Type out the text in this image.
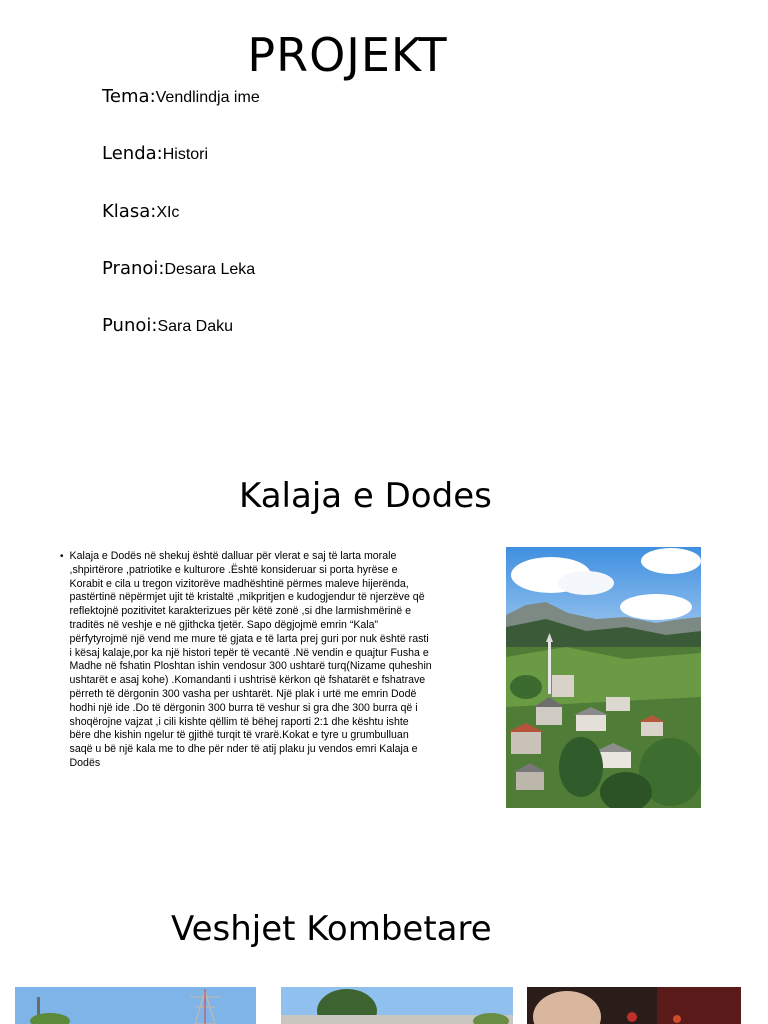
PROJEKT
Tema:Vendlindja ime
Lenda:Histori
Klasa:XIc
Pranoi:Desara Leka
Punoi:Sara Daku
Kalaja e Dodes
• Kalaja e Dodës në shekuj është dalluar për vlerat e saj të larta morale ,shpirtërore ,patriotike e kulturore .Është konsideruar si porta hyrëse e Korabit e cila u tregon vizitorëve madhështinë përmes maleve hijerënda, pastërtinë nëpërmjet ujit të kristaltë ,mikpritjen e kudogjendur të njerzëve që reflektojnë pozitivitet karakterizues për këtë zonë ,si dhe larmishmërinë e traditës në veshje e në gjithcka tjetër. Sapo dëgjojmë emrin “Kala” përfytyrojmë një vend me mure të gjata e të larta prej guri por nuk është rasti i kësaj kalaje,por ka një histori tepër të vecantë .Në vendin e quajtur Fusha e Madhe në fshatin Ploshtan ishin vendosur 300 ushtarë turq(Nizame quheshin ushtarët e asaj kohe) .Komandanti i ushtrisë kërkon që fshatarët e fshatrave përreth të dërgonin 300 vasha per ushtarët. Një plak i urtë me emrin Dodë hodhi një ide .Do të dërgonin 300 burra të veshur si gra dhe 300 burra që i shoqërojne vajzat ,i cili kishte qëllim të bëhej raporti 2:1 dhe kështu ishte bëre dhe kishin ngelur të gjithë turqit të vrarë.Kokat e tyre u grumbulluan saqë u bë një kala me to dhe për nder të atij plaku ju vendos emri Kalaja e Dodës
Veshjet Kombetare
